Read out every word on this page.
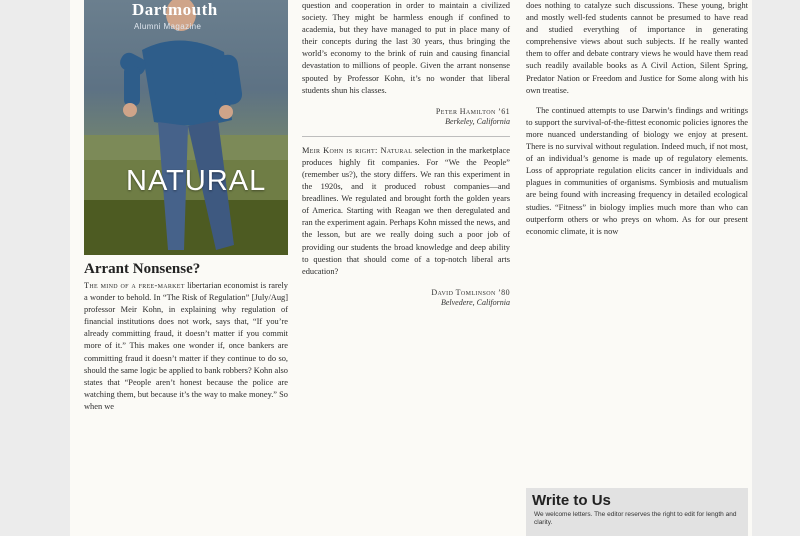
Dartmouth
Alumni Magazine
NATURAL
Arrant Nonsense?

The mind of a free-market libertarian economist is rarely a wonder to behold. In “The Risk of Regulation” [July/Aug] professor Meir Kohn, in explaining why regulation of financial institutions does not work, says that, “If you’re already committing fraud, it doesn’t matter if you commit more of it.” This makes one wonder if, once bankers are committing fraud it doesn’t matter if they continue to do so, should the same logic be applied to bank robbers? Kohn also states that “People aren’t honest because the police are watching them, but because it’s the way to make money.” So when we

question and cooperation in order to maintain a civilized society. They might be harmless enough if confined to academia, but they have managed to put in place many of their concepts during the last 30 years, thus bringing the world’s economy to the brink of ruin and causing financial devastation to millions of people. Given the arrant nonsense spouted by Professor Kohn, it’s no wonder that liberal students shun his classes.

Peter Hamilton ’61
Berkeley, California

Meir Kohn is right: Natural selection in the marketplace produces highly fit companies. For “We the People” (remember us?), the story differs. We ran this experiment in the 1920s, and it produced robust companies—and breadlines. We regulated and brought forth the golden years of America. Starting with Reagan we then deregulated and ran the experiment again. Perhaps Kohn missed the news, and the lesson, but are we really doing such a poor job of providing our students the broad knowledge and deep ability to question that should come of a top-notch liberal arts education?

David Tomlinson ’80
Belvedere, California

does nothing to catalyze such discussions. These young, bright and mostly well-fed students cannot be presumed to have read and studied everything of importance in generating comprehensive views about such subjects. If he really wanted them to offer and debate contrary views he would have them read such readily available books as A Civil Action, Silent Spring, Predator Nation or Freedom and Justice for Some along with his own treatise.

The continued attempts to use Darwin’s findings and writings to support the survival-of-the-fittest economic policies ignores the more nuanced understanding of biology we enjoy at present. There is no survival without regulation. Indeed much, if not most, of an individual’s genome is made up of regulatory elements. Loss of appropriate regulation elicits cancer in individuals and plagues in communities of organisms. Symbiosis and mutualism are being found with increasing frequency in detailed ecological studies. “Fitness” in biology implies much more than who can outperform others or who preys on whom. As for our present economic climate, it is now

Write to Us
We welcome letters. The editor reserves the right to edit for length and clarity.
